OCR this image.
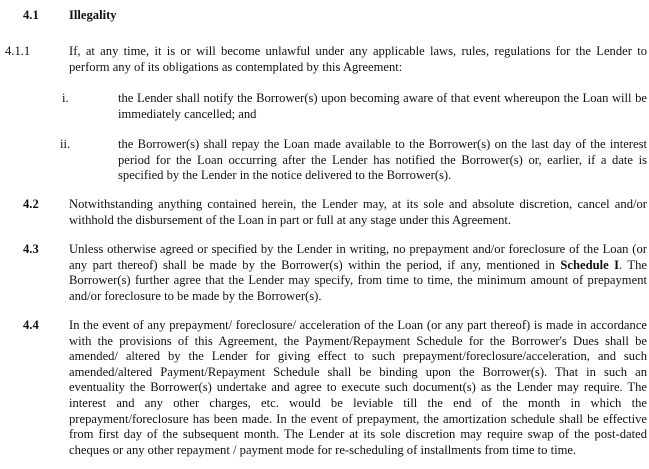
4.1 Illegality
4.1.1	If, at any time, it is or will become unlawful under any applicable laws, rules, regulations for the Lender to perform any of its obligations as contemplated by this Agreement:
i.	the Lender shall notify the Borrower(s) upon becoming aware of that event whereupon the Loan will be immediately cancelled; and
ii.	the Borrower(s) shall repay the Loan made available to the Borrower(s) on the last day of the interest period for the Loan occurring after the Lender has notified the Borrower(s) or, earlier, if a date is specified by the Lender in the notice delivered to the Borrower(s).
4.2 Notwithstanding anything contained herein, the Lender may, at its sole and absolute discretion, cancel and/or withhold the disbursement of the Loan in part or full at any stage under this Agreement.
4.3 Unless otherwise agreed or specified by the Lender in writing, no prepayment and/or foreclosure of the Loan (or any part thereof) shall be made by the Borrower(s) within the period, if any, mentioned in Schedule I. The Borrower(s) further agree that the Lender may specify, from time to time, the minimum amount of prepayment and/or foreclosure to be made by the Borrower(s).
4.4 In the event of any prepayment/ foreclosure/ acceleration of the Loan (or any part thereof) is made in accordance with the provisions of this Agreement, the Payment/Repayment Schedule for the Borrower's Dues shall be amended/ altered by the Lender for giving effect to such prepayment/foreclosure/acceleration, and such amended/altered Payment/Repayment Schedule shall be binding upon the Borrower(s). That in such an eventuality the Borrower(s) undertake and agree to execute such document(s) as the Lender may require. The interest and any other charges, etc. would be leviable till the end of the month in which the prepayment/foreclosure has been made. In the event of prepayment, the amortization schedule shall be effective from first day of the subsequent month. The Lender at its sole discretion may require swap of the post-dated cheques or any other repayment / payment mode for re-scheduling of installments from time to time.
